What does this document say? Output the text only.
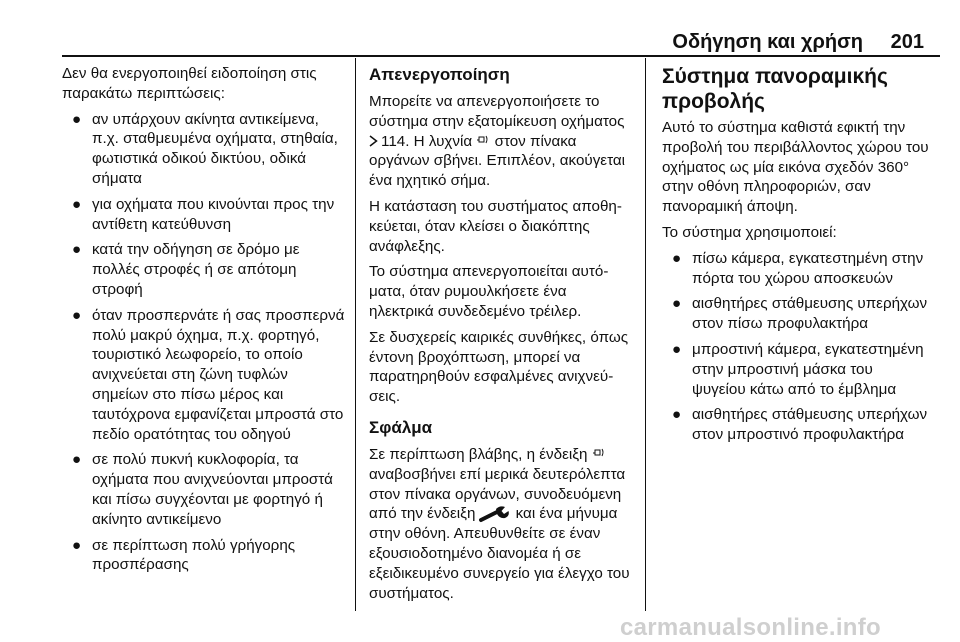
Οδήγηση και χρήση 201

Δεν θα ενεργοποιηθεί ειδοποίηση στις παρακάτω περιπτώσεις:

● αν υπάρχουν ακίνητα αντικείμενα, π.χ. σταθμευμένα οχήματα, στηθαία, φωτιστικά οδικού δικτύου, οδικά σήματα
● για οχήματα που κινούνται προς την αντίθετη κατεύθυνση
● κατά την οδήγηση σε δρόμο με πολλές στροφές ή σε απότομη στροφή
● όταν προσπερνάτε ή σας προσπερνά πολύ μακρύ όχημα, π.χ. φορτηγό, τουριστικό λεωφορείο, το οποίο ανιχνεύεται στη ζώνη τυφλών σημείων στο πίσω μέρος και ταυτόχρονα εμφανίζεται μπροστά στο πεδίο ορατότητας του οδηγού
● σε πολύ πυκνή κυκλοφορία, τα οχήματα που ανιχνεύονται μπροστά και πίσω συγχέονται με φορτηγό ή ακίνητο αντικείμενο
● σε περίπτωση πολύ γρήγορης προσπέρασης
Απενεργοποίηση

Μπορείτε να απενεργοποιήσετε το σύστημα στην εξατομίκευση οχήματος 114. Η λυχνία στον πίνακα οργάνων σβήνει. Επιπλέον, ακούγεται ένα ηχητικό σήμα.

Η κατάσταση του συστήματος αποθηκεύεται, όταν κλείσει ο διακόπτης ανάφλεξης.

Το σύστημα απενεργοποιείται αυτόματα, όταν ρυμουλκήσετε ένα ηλεκτρικά συνδεδεμένο τρέιλερ.

Σε δυσχερείς καιρικές συνθήκες, όπως έντονη βροχόπτωση, μπορεί να παρατηρηθούν εσφαλμένες ανιχνεύσεις.

Σφάλμα

Σε περίπτωση βλάβης, η ένδειξη  αναβοσβήνει επί μερικά δευτερόλεπτα στον πίνακα οργάνων, συνοδευόμενη από την ένδειξη	και ένα μήνυμα στην οθόνη. Απευθυνθείτε σε έναν εξουσιοδοτημένο διανομέα ή σε εξειδικευμένο συνεργείο για έλεγχο του συστήματος.

Σύστημα πανοραμικής προβολής

Αυτό το σύστημα καθιστά εφικτή την προβολή του περιβάλλοντος χώρου του οχήματος ως μία εικόνα σχεδόν 360° στην οθόνη πληροφοριών, σαν πανοραμική άποψη.

Το σύστημα χρησιμοποιεί:

● πίσω κάμερα, εγκατεστημένη στην πόρτα του χώρου αποσκευών
● αισθητήρες στάθμευσης υπερήχων στον πίσω προφυλακτήρα
● μπροστινή κάμερα, εγκατεστημένη στην μπροστινή μάσκα του ψυγείου κάτω από το έμβλημα
● αισθητήρες στάθμευσης υπερήχων στον μπροστινό προφυλακτήρα
carmanualsonline.info
